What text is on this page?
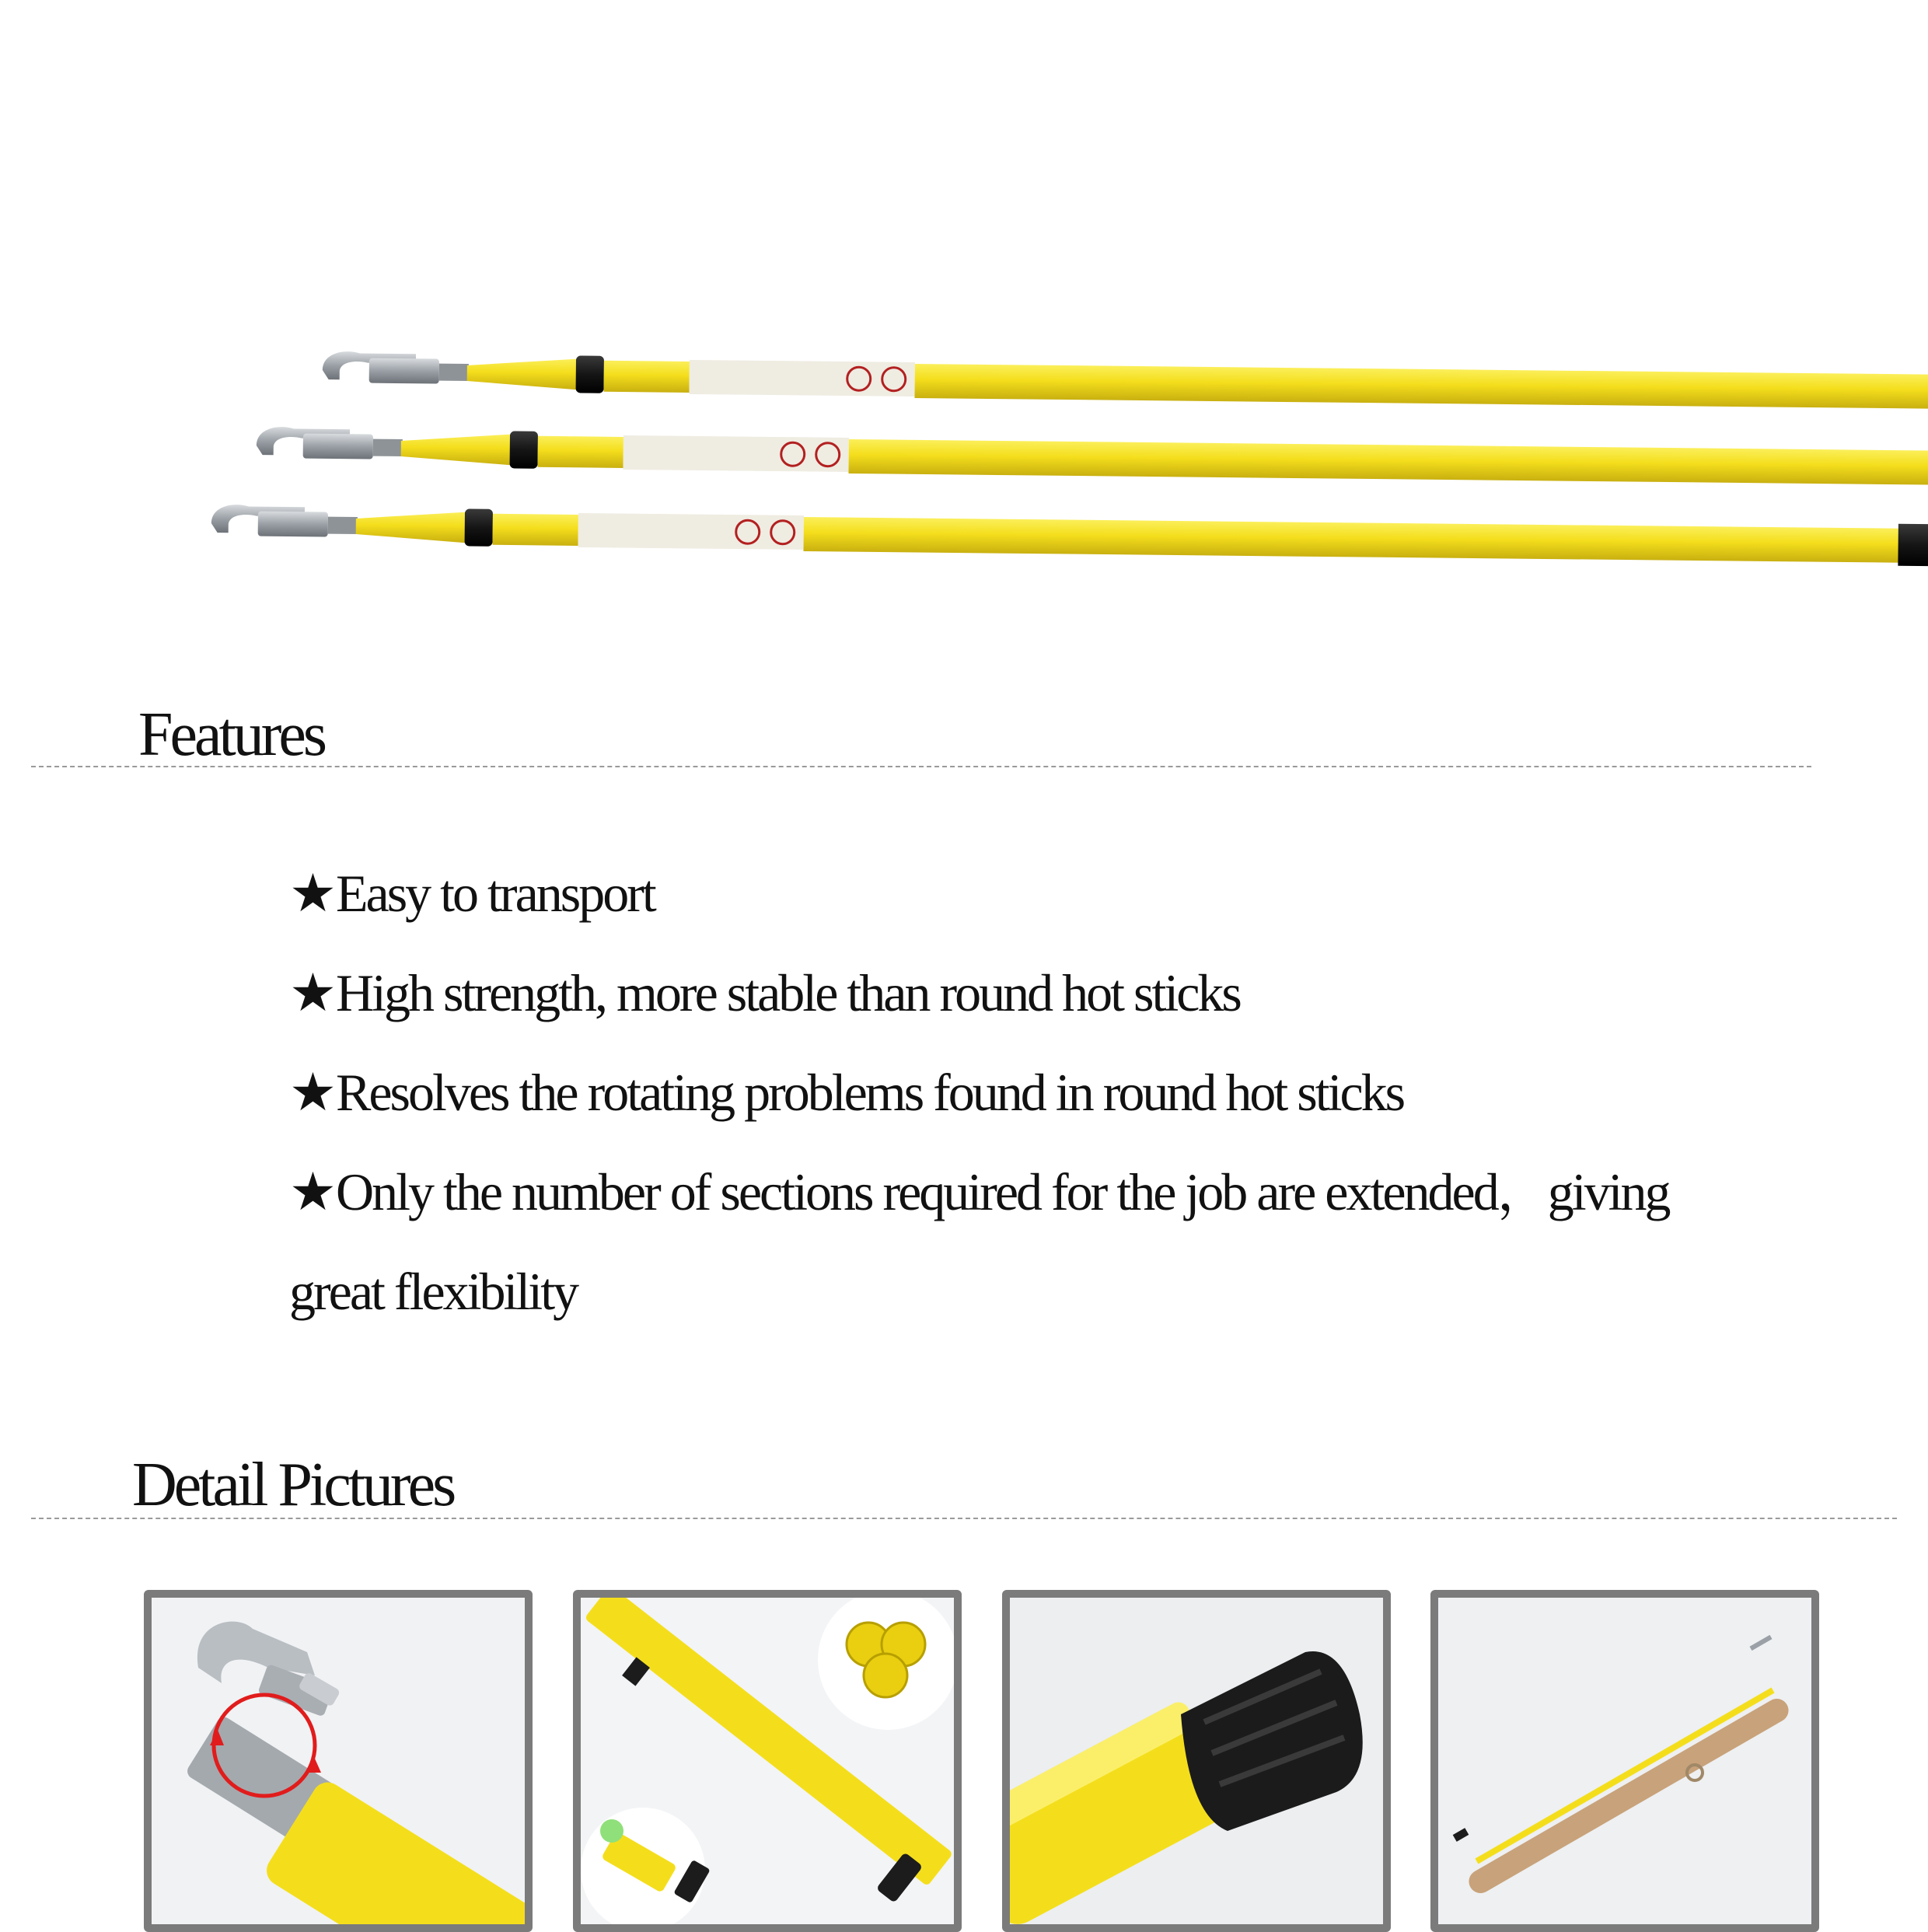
Features
★Easy to transport
★High strength, more stable than round hot sticks
★Resolves the rotating problems found in round hot sticks
★Only the number of sections required for the job are extended，giving great flexibility
Detail Pictures
